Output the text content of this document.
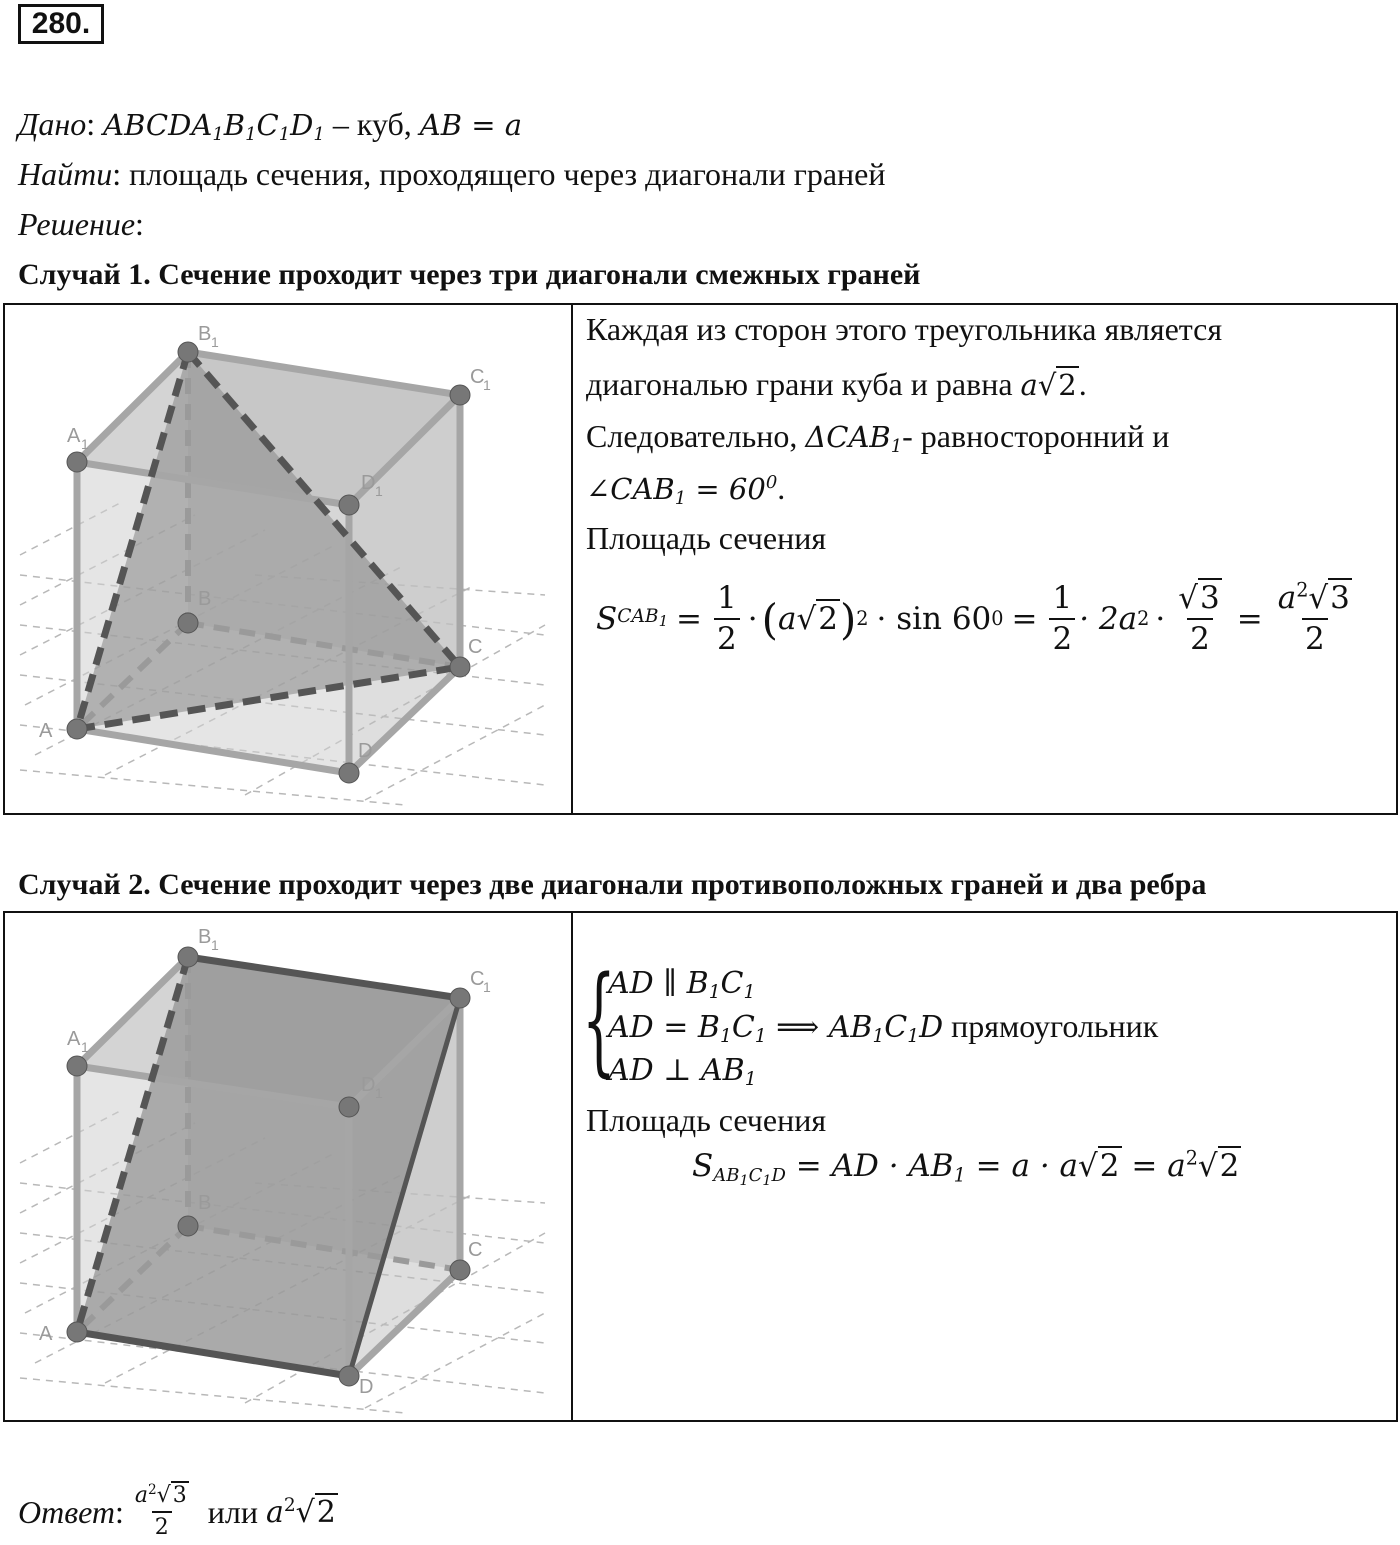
280.
Дано: $ABCDA_1B_1C_1D_1$ – куб, AB = a
Найти: площадь сечения, проходящего через диагонали граней
Решение:
Случай 1. Сечение проходит через три диагонали смежных граней
B 1
C
1
A 1
D 1
B
C
A
D
Каждая из сторон этого треугольника является
диагональю грани куба и равна a√2.
Следовательно, $\Delta CAB_1-$ равносторонний и
$\angle CAB_1 = 60^0$.
Площадь сечения
S $CAB_1 = \frac{1}{2}$ · ( a √2 ) 2 · sin 60 $0 = \frac{1}{2} \cdot 2a$ $2 \cdot \frac{√3}{2} = \frac{a^2√3}{2}$
Случай 2. Сечение проходит через две диагонали противоположных граней и два ребра
B 1
C
1
A 1
D 1
B
C
A
D
{
AD ∥ $B_1C_1$
AD = $B_1C_1$ ⟹ $AB_1C_1D$ прямоугольник
AD ⊥ $AB_1$
Площадь сечения
$S_{AB_1C_1D}$ = AD · $AB_1 = a \cdot a√2 = a^2√2$
Ответ : $\frac{a^2√3}{2}$ или $a^2√2$
